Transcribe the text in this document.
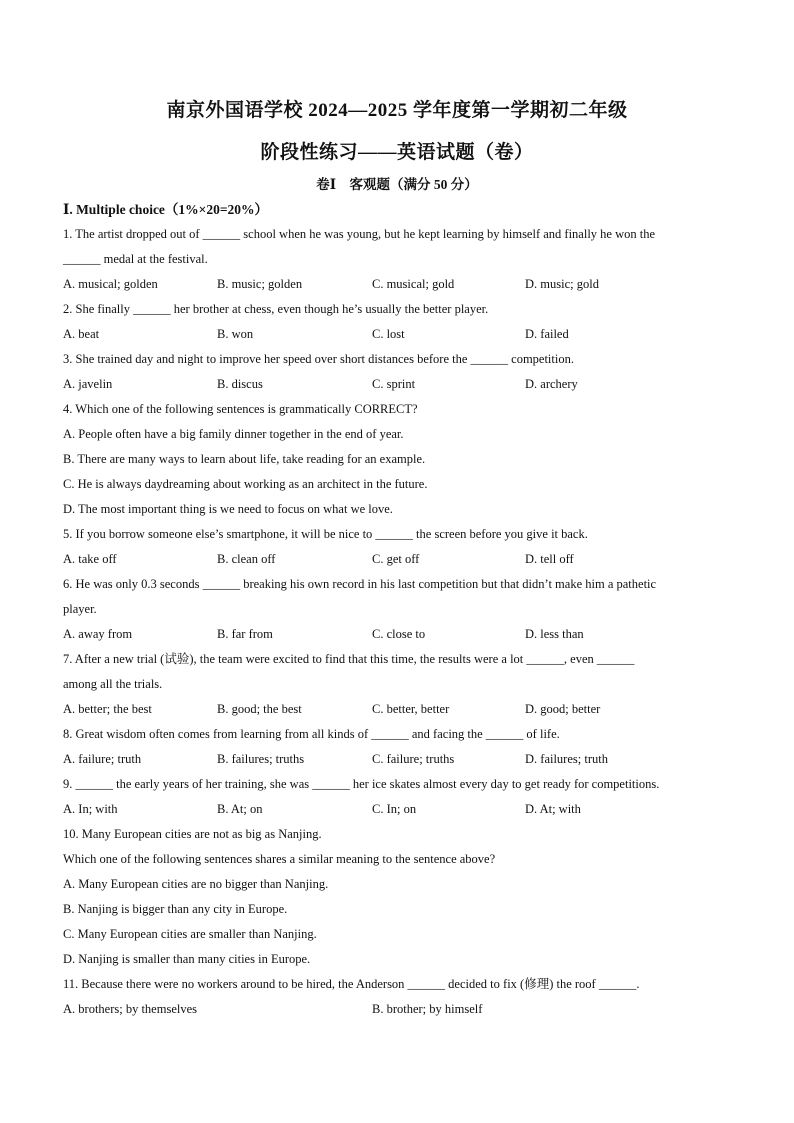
南京外国语学校 2024—2025 学年度第一学期初二年级
阶段性练习——英语试题（卷）
卷Ⅰ　客观题（满分 50 分）
Ⅰ. Multiple choice（1%×20=20%）
1. The artist dropped out of ______ school when he was young, but he kept learning by himself and finally he won the
______ medal at the festival.
A. musical; golden	B. music; golden	C. musical; gold	D. music; gold
2. She finally ______ her brother at chess, even though he’s usually the better player.
A. beat	B. won	C. lost	D. failed
3. She trained day and night to improve her speed over short distances before the ______ competition.
A. javelin	B. discus	C. sprint	D. archery
4. Which one of the following sentences is grammatically CORRECT?
A. People often have a big family dinner together in the end of year.
B. There are many ways to learn about life, take reading for an example.
C. He is always daydreaming about working as an architect in the future.
D. The most important thing is we need to focus on what we love.
5. If you borrow someone else’s smartphone, it will be nice to ______ the screen before you give it back.
A. take off	B. clean off	C. get off	D. tell off
6. He was only 0.3 seconds ______ breaking his own record in his last competition but that didn’t make him a pathetic
player.
A. away from	B. far from	C. close to	D. less than
7. After a new trial (试验), the team were excited to find that this time, the results were a lot ______, even ______
among all the trials.
A. better; the best	B. good; the best	C. better, better	D. good; better
8. Great wisdom often comes from learning from all kinds of ______ and facing the ______ of life.
A. failure; truth	B. failures; truths	C. failure; truths	D. failures; truth
9. ______ the early years of her training, she was ______ her ice skates almost every day to get ready for competitions.
A. In; with	B. At; on	C. In; on	D. At; with
10. Many European cities are not as big as Nanjing.
Which one of the following sentences shares a similar meaning to the sentence above?
A. Many European cities are no bigger than Nanjing.
B. Nanjing is bigger than any city in Europe.
C. Many European cities are smaller than Nanjing.
D. Nanjing is smaller than many cities in Europe.
11. Because there were no workers around to be hired, the Anderson ______ decided to fix (修理) the roof ______.
A. brothers; by themselves	B. brother; by himself
